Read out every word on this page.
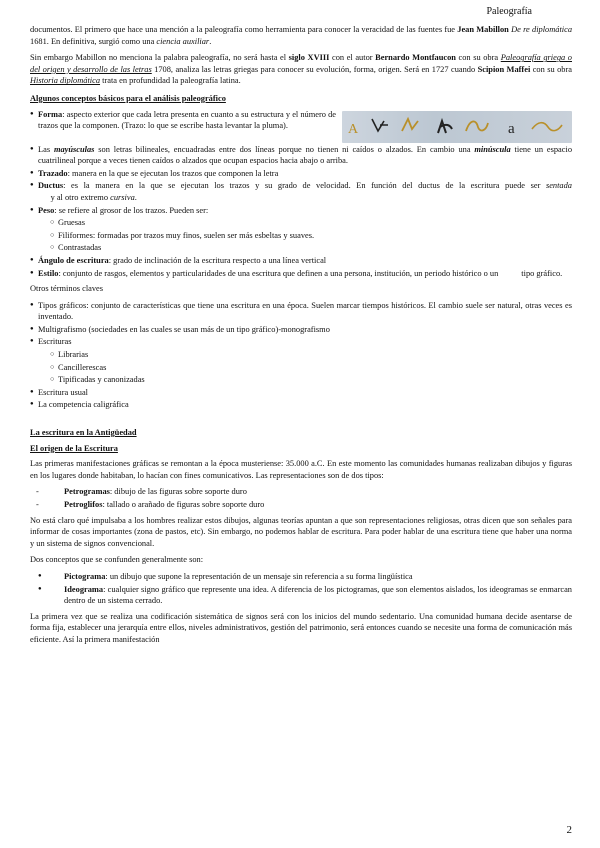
Paleografía

documentos. El primero que hace una mención a la paleografía como herramienta para conocer la veracidad de las fuentes fue Jean Mabillon De re diplomática 1681. En definitiva, surgió como una ciencia auxiliar.

Sin embargo Mabillon no menciona la palabra paleografía, no será hasta el siglo XVIII con el autor Bernardo Montfaucon con su obra Paleografía griega o del origen y desarrollo de las letras 1708, analiza las letras griegas para conocer su evolución, forma, origen. Será en 1727 cuando Scipion Maffei con su obra Historia diplomática trata en profundidad la paleografía latina.

Algunos conceptos básicos para el análisis paleográfico
● Forma: aspecto exterior que cada letra presenta en cuanto a su estructura y el número de trazos que la componen. (Trazo: lo que se escribe hasta levantar la pluma).	A	a
● Las mayúsculas son letras bilineales, encuadradas entre dos líneas porque no tienen ni caídos o alzados. En cambio una minúscula tiene un espacio cuatrilineal porque a veces tienen caídos o alzados que ocupan espacios hacia abajo o arriba.
● Trazado: manera en la que se ejecutan los trazos que componen la letra
● Ductus: es la manera en la que se ejecutan los trazos y su grado de velocidad. En función del ductus de la escritura puede ser sentada      y al otro extremo cursiva.
● Peso: se refiere al grosor de los trazos. Pueden ser:
○ Gruesas
○ Filiformes: formadas por trazos muy finos, suelen ser más esbeltas y suaves.
○ Contrastadas
● Ángulo de escritura: grado de inclinación de la escritura respecto a una línea vertical
● Estilo: conjunto de rasgos, elementos y particularidades de una escritura que definen a una persona, institución, un periodo histórico o un           tipo gráfico.

Otros términos claves

● Tipos gráficos: conjunto de características que tiene una escritura en una época. Suelen marcar tiempos históricos. El cambio suele ser natural, otras veces es inventado.
● Multigrafismo (sociedades en las cuales se usan más de un tipo gráfico)-monografismo
● Escrituras
○ Librarias
○ Cancillerescas
○ Tipificadas y canonizadas
● Escritura usual
● La competencia caligráfica
La escritura en la Antigüedad
El origen de la Escritura

Las primeras manifestaciones gráficas se remontan a la época musteriense: 35.000 a.C. En este momento las comunidades humanas realizaban dibujos y figuras en los lugares donde habitaban, lo hacían con fines comunicativos. Las representaciones son de dos tipos:

- Petrogramas: dibujo de las figuras sobre soporte duro
- Petroglifos: tallado o arañado de figuras sobre soporte duro

No está claro qué impulsaba a los hombres realizar estos dibujos, algunas teorías apuntan a que son representaciones religiosas, otras dicen que son señales para informar de cosas importantes (zona de pastos, etc). Sin embargo, no podemos hablar de escritura. Para poder hablar de una escritura tiene que haber una norma y un sistema de signos convencional.

Dos conceptos que se confunden generalmente son:

● Pictograma: un dibujo que supone la representación de un mensaje sin referencia a su forma lingüística
● Ideograma: cualquier signo gráfico que represente una idea. A diferencia de los pictogramas, que son elementos aislados, los ideogramas se enmarcan dentro de un sistema cerrado.

La primera vez que se realiza una codificación sistemática de signos será con los inicios del mundo sedentario. Una comunidad humana decide asentarse de forma fija, establecer una jerarquía entre ellos, niveles administrativos, gestión del patrimonio, será entonces cuando se necesite una forma de comunicación más eficiente. Así la primera manifestación

2
